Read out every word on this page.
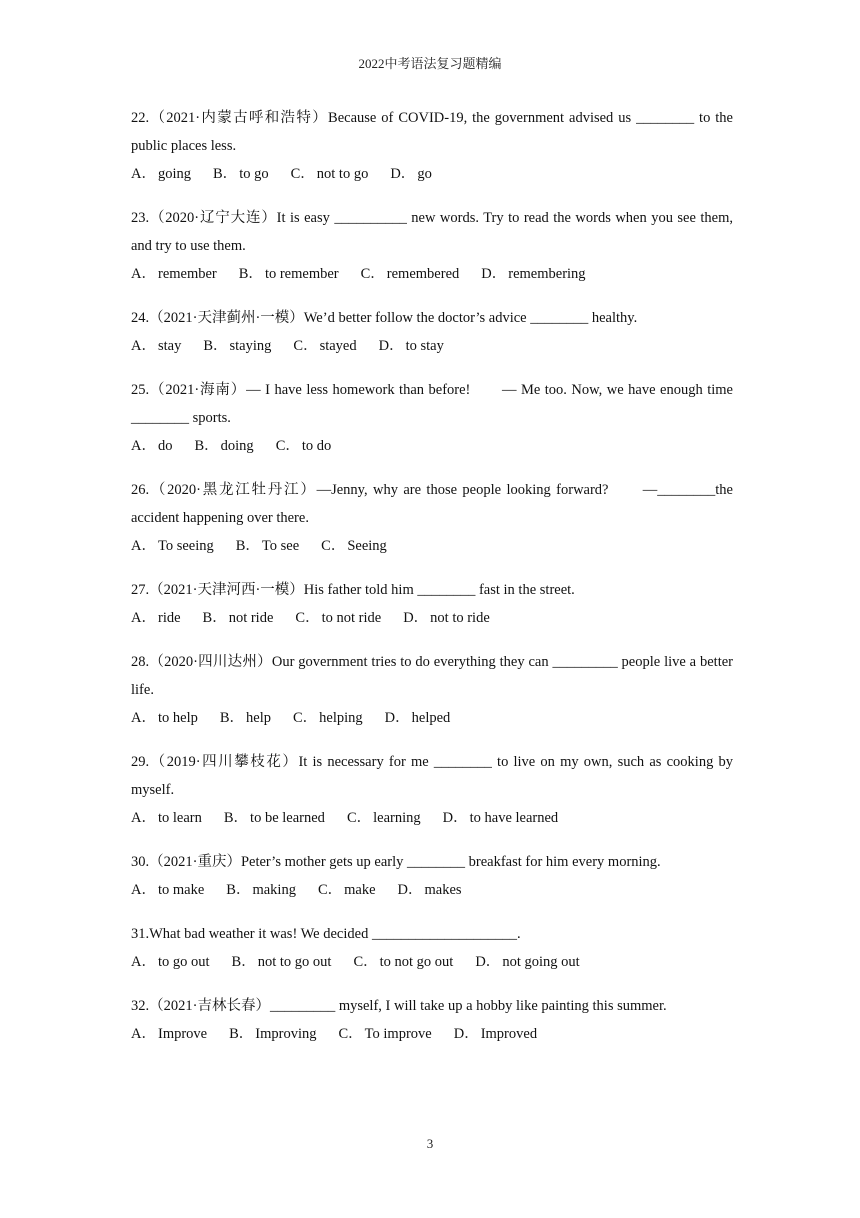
2022中考语法复习题精编

22.（2021·内蒙古呼和浩特）Because of COVID-19, the government advised us ________ to the public places less.

A． going B． to go C． not to go D． go

23.（2020·辽宁大连）It is easy __________ new words. Try to read the words when you see them, and try to use them.

A． remember B． to remember C． remembered D． remembering

24.（2021·天津蓟州·一模）We’d better follow the doctor’s advice ________ healthy.

A． stay B． staying C． stayed D． to stay

25.（2021·海南）— I have less homework than before!　　— Me too. Now, we have enough time ________ sports.

A． do B． doing C． to do

26.（2020·黑龙江牡丹江）—Jenny, why are those people looking forward?　　—________the accident happening over there.

A． To seeing B． To see C． Seeing

27.（2021·天津河西·一模）His father told him ________ fast in the street.

A． ride B． not ride C． to not ride D． not to ride

28.（2020·四川达州）Our government tries to do everything they can _________ people live a better life.

A． to help B． help C． helping D． helped

29.（2019·四川攀枝花）It is necessary for me ________ to live on my own, such as cooking by myself.

A． to learn B． to be learned C． learning D． to have learned

30.（2021·重庆）Peter’s mother gets up early ________ breakfast for him every morning.

A． to make B． making C． make D． makes

31.What bad weather it was! We decided ____________________.

A． to go out B． not to go out C． to not go out D． not going out

32.（2021·吉林长春）_________ myself, I will take up a hobby like painting this summer.

A． Improve B． Improving C． To improve D． Improved

3
